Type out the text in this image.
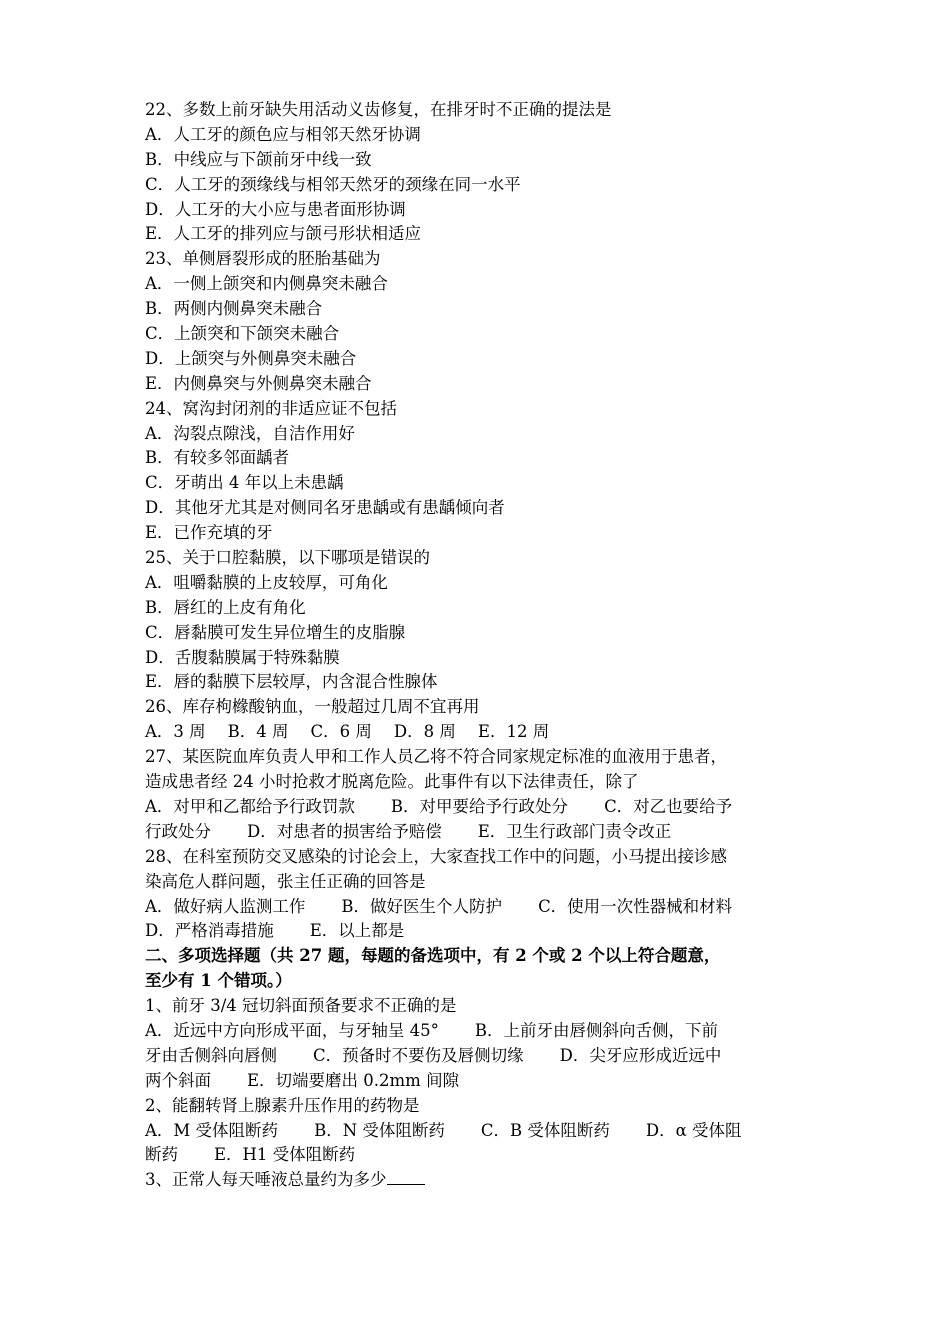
22、多数上前牙缺失用活动义齿修复，在排牙时不正确的提法是
A．人工牙的颜色应与相邻天然牙协调
B．中线应与下颌前牙中线一致
C．人工牙的颈缘线与相邻天然牙的颈缘在同一水平
D．人工牙的大小应与患者面形协调
E．人工牙的排列应与颌弓形状相适应
23、单侧唇裂形成的胚胎基础为
A．一侧上颌突和内侧鼻突未融合
B．两侧内侧鼻突未融合
C．上颌突和下颌突未融合
D．上颌突与外侧鼻突未融合
E．内侧鼻突与外侧鼻突未融合
24、窝沟封闭剂的非适应证不包括
A．沟裂点隙浅，自洁作用好
B．有较多邻面龋者
C．牙萌出 4 年以上未患龋
D．其他牙尤其是对侧同名牙患龋或有患龋倾向者
E．已作充填的牙
25、关于口腔黏膜，以下哪项是错误的
A．咀嚼黏膜的上皮较厚，可角化
B．唇红的上皮有角化
C．唇黏膜可发生异位增生的皮脂腺
D．舌腹黏膜属于特殊黏膜
E．唇的黏膜下层较厚，内含混合性腺体
26、库存枸橼酸钠血，一般超过几周不宜再用
A．3 周 B．4 周 C．6 周 D．8 周 E．12 周
27、某医院血库负责人甲和工作人员乙将不符合同家规定标准的血液用于患者，
造成患者经 24 小时抢救才脱离危险。此事件有以下法律责任，除了
A．对甲和乙都给予行政罚款 B．对甲要给予行政处分 C．对乙也要给予
行政处分 D．对患者的损害给予赔偿 E．卫生行政部门责令改正
28、在科室预防交叉感染的讨论会上，大家查找工作中的问题，小马提出接诊感
染高危人群问题，张主任正确的回答是
A．做好病人监测工作 B．做好医生个人防护 C．使用一次性器械和材料
D．严格消毒措施 E．以上都是
二、多项选择题（共 27 题，每题的备选项中，有 2 个或 2 个以上符合题意，
至少有 1 个错项。）
1、前牙 3/4 冠切斜面预备要求不正确的是
A．近远中方向形成平面，与牙轴呈 45° B．上前牙由唇侧斜向舌侧，下前
牙由舌侧斜向唇侧 C．预备时不要伤及唇侧切缘 D．尖牙应形成近远中
两个斜面 E．切端要磨出 0.2mm 间隙
2、能翻转肾上腺素升压作用的药物是
A．M 受体阻断药 B．N 受体阻断药 C．B 受体阻断药 D．α 受体阻
断药 E．H1 受体阻断药
3、正常人每天唾液总量约为多少
